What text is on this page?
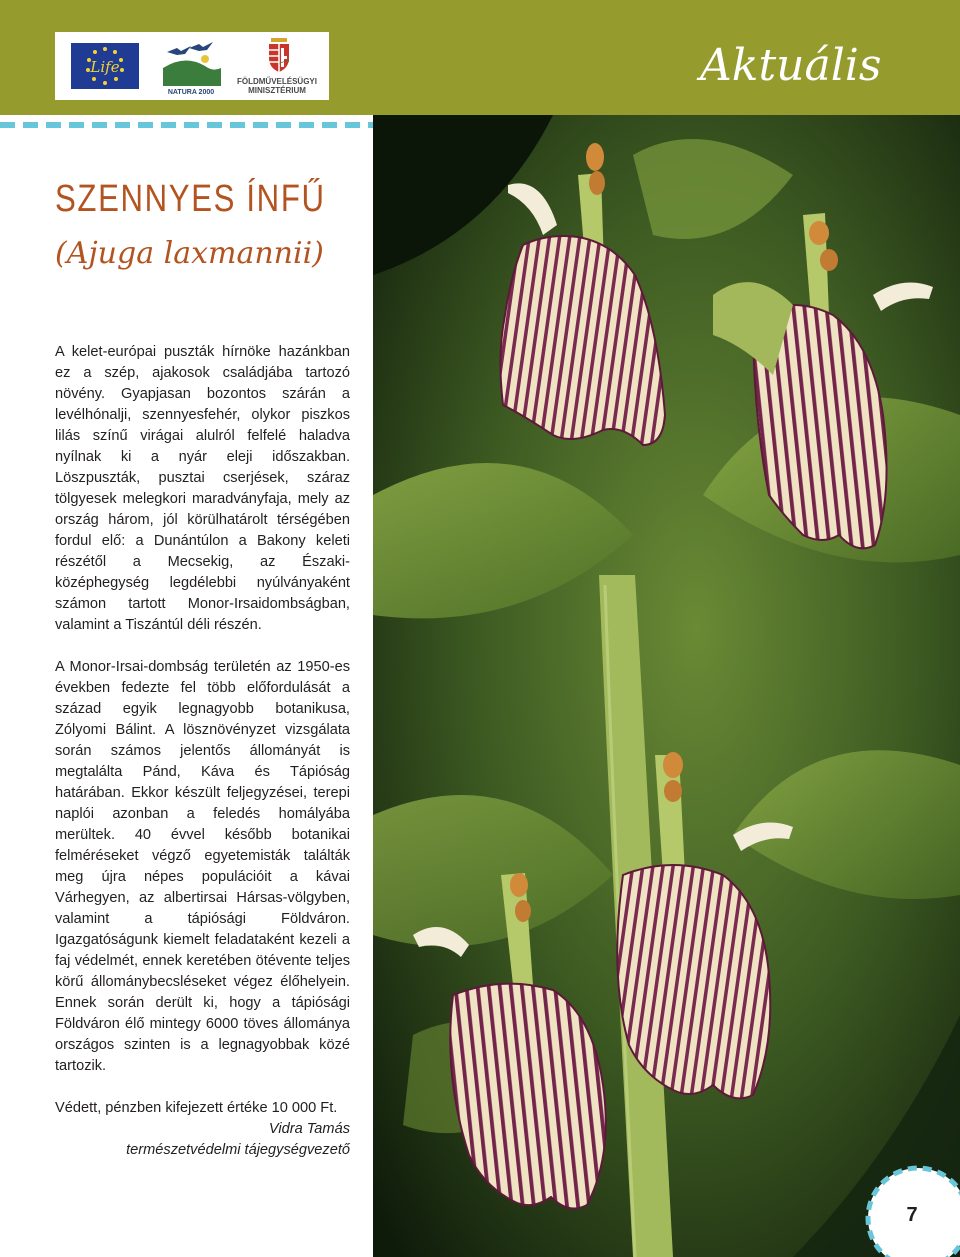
Life
NATURA 2000
FÖLDMŰVELÉSÜGYI
MINISZTÉRIUM	Aktuális
SZENNYES ÍNFŰ
(Ajuga laxmannii)

A kelet-európai puszták hírnöke hazánkban ez a szép, ajakosok családjába tartozó növény. Gyapjasan bozontos szárán a levélhónalji, szennyesfehér, olykor piszkos lilás színű virágai alulról felfelé haladva nyílnak ki a nyár eleji időszakban. Löszpuszták, pusztai cserjések, száraz tölgyesek melegkori maradványfaja, mely az ország három, jól körülhatárolt térségében fordul elő: a Dunántúlon a Bakony keleti részétől a Mecsekig, az Északi-középhegység legdélebbi nyúlványaként számon tartott Monor-Irsaidombságban, valamint a Tiszántúl déli részén.

A Monor-Irsai-dombság területén az 1950-es években fedezte fel több előfordulását a század egyik legnagyobb botanikusa, Zólyomi Bálint. A lösznövényzet vizsgálata során számos jelentős állományát is megtalálta Pánd, Káva és Tápióság határában. Ekkor készült feljegyzései, terepi naplói azonban a feledés homályába merültek. 40 évvel később botanikai felméréseket végző egyetemisták találták meg újra népes populációit a kávai Várhegyen, az albertirsai Hársas-völgyben, valamint a tápiósági Földváron. Igazgatóságunk kiemelt feladataként kezeli a faj védelmét, ennek keretében ötévente teljes körű állománybecsléseket végez élőhelyein. Ennek során derült ki, hogy a tápiósági Földváron élő mintegy 6000 töves állománya országos szinten is a legnagyobbak közé tartozik.

Védett, pénzben kifejezett értéke 10 000 Ft.

Vidra Tamás
természetvédelmi tájegységvezető
7
